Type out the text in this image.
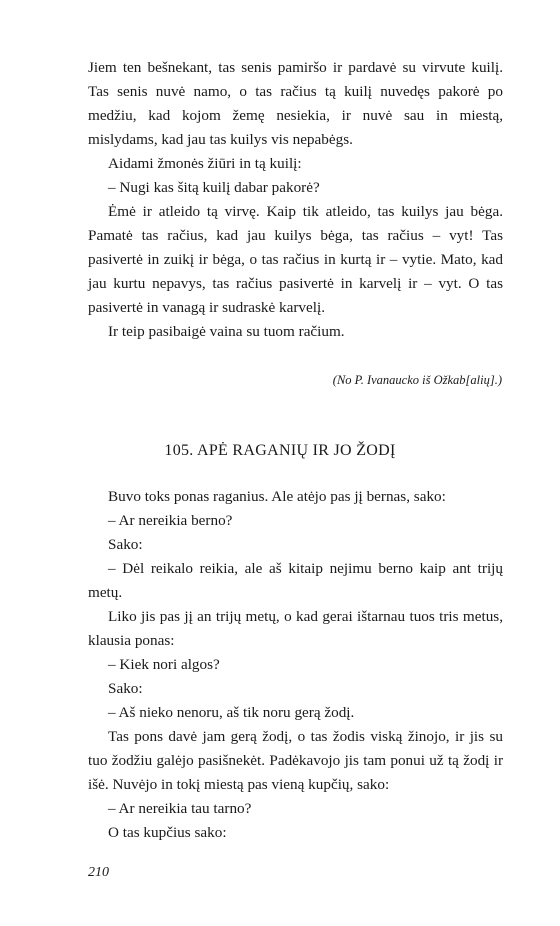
Jiem ten bešnekant, tas senis pamiršo ir pardavė su virvute kuilį. Tas senis nuvė namo, o tas račius tą kuilį nuvedęs pakorė po medžiu, kad kojom žemę nesiekia, ir nuvė sau in miestą, mislydams, kad jau tas kuilys vis nepabėgs.

Aidami žmonės žiūri in tą kuilį:

– Nugi kas šitą kuilį dabar pakorė?

Ėmė ir atleido tą virvę. Kaip tik atleido, tas kuilys jau bėga. Pamatė tas račius, kad jau kuilys bėga, tas račius – vyt! Tas pasivertė in zuikį ir bėga, o tas račius in kurtą ir – vytie. Mato, kad jau kurtu nepavys, tas račius pasivertė in karvelį ir – vyt. O tas pasivertė in vanagą ir sudraskė karvelį.

Ir teip pasibaigė vaina su tuom račium.

(No P. Ivanaucko iš Ožkab[alių].)
105. APĖ RAGANIŲ IR JO ŽODĮ

Buvo toks ponas raganius. Ale atėjo pas jį bernas, sako:

– Ar nereikia berno?

Sako:

– Dėl reikalo reikia, ale aš kitaip nejimu berno kaip ant trijų metų.

Liko jis pas jį an trijų metų, o kad gerai ištarnau tuos tris metus, klausia ponas:

– Kiek nori algos?

Sako:

– Aš nieko nenoru, aš tik noru gerą žodį.

Tas pons davė jam gerą žodį, o tas žodis viską žinojo, ir jis su tuo žodžiu galėjo pasišnekėt. Padėkavojo jis tam ponui už tą žodį ir išė. Nuvėjo in tokį miestą pas vieną kupčių, sako:

– Ar nereikia tau tarno?

O tas kupčius sako:

210
